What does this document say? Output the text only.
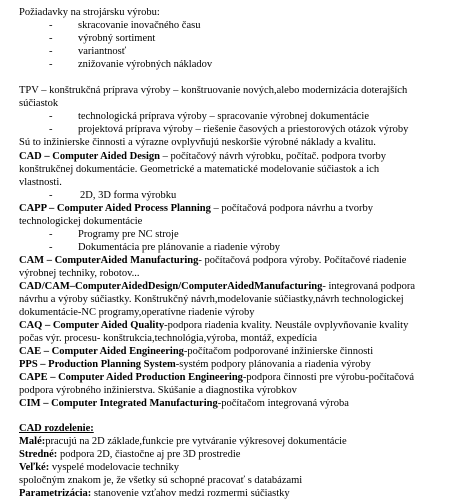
Požiadavky na strojársku výrobu:
- skracovanie inovačného času
- výrobný sortiment
- variantnosť
- znižovanie výrobných nákladov
TPV – konštrukčná príprava výroby – konštruovanie nových,alebo modernizácia doterajších
súčiastok
- technologická príprava výroby – spracovanie výrobnej dokumentácie
- projektová príprava výroby – riešenie časových a priestorových otázok výroby
Sú to inžinierske činnosti a výrazne ovplyvňujú neskoršie výrobné náklady a kvalitu.
CAD – Computer Aided Design – počítačový návrh výrobku, počítač. podpora tvorby
konštrukčnej dokumentácie. Geometrické a matematické modelovanie súčiastok a ich
vlastnosti.
-	2D, 3D forma výrobku
CAPP – Computer Aided Process Planning – počítačová podpora návrhu a tvorby
technologickej dokumentácie
- Programy pre NC stroje
- Dokumentácia pre plánovanie a riadenie výroby
CAM – ComputerAided Manufacturing- počítačová podpora výroby. Počítačové riadenie
výrobnej techniky, robotov...
CAD/CAM–ComputerAidedDesign/ComputerAidedManufacturing- integrovaná podpora
návrhu a výroby súčiastky. Konštrukčný návrh,modelovanie súčiastky,návrh technologickej
dokumentácie-NC programy,operatívne riadenie výroby
CAQ – Computer Aided Quality-podpora riadenia kvality. Neustále ovplyvňovanie kvality
počas výr. procesu- konštrukcia,technológia,výroba, montáž, expedícia
CAE – Computer Aided Engineering-počítačom podporované inžinierske činnosti
PPS – Production Planning System-systém podpory plánovania a riadenia výroby
CAPE – Computer Aided Production Engineering-podpora činnosti pre výrobu-počítačová
podpora výrobného inžinierstva. Skúšanie a diagnostika výrobkov
CIM – Computer Integrated Manufacturing-počítačom integrovaná výroba
CAD rozdelenie:
Malé:pracujú na 2D základe,funkcie pre vytváranie výkresovej dokumentácie
Stredné: podpora 2D, čiastočne aj pre 3D prostredie
Veľké: vyspelé modelovacie techniky
spoločným znakom je, že všetky sú schopné pracovať s databázami
Parametrizácia: stanovenie vzťahov medzi rozmermi súčiastky
